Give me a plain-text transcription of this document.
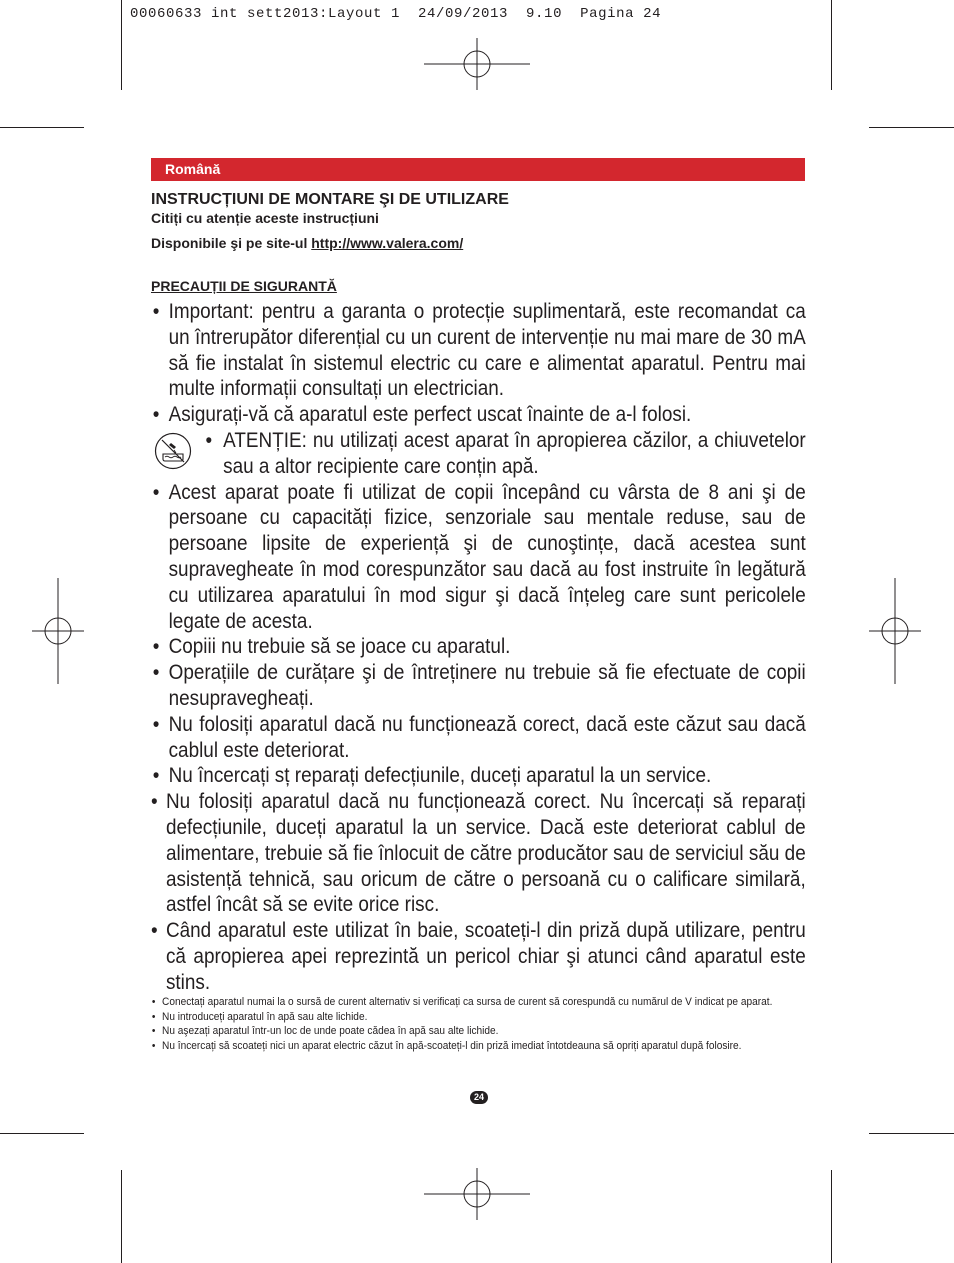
00060633 int sett2013:Layout 1  24/09/2013  9.10  Pagina 24
Română
INSTRUCȚIUNI DE MONTARE ŞI DE UTILIZARE
Citiți cu atenție aceste instrucțiuni
Disponibile şi pe site-ul http://www.valera.com/
PRECAUȚII DE SIGURANTĂ
• Important: pentru a garanta o protecție suplimentară, este recomandat ca un întrerupător diferențial cu un curent de intervenție nu mai mare de 30 mA să fie instalat în sistemul electric cu care e alimentat aparatul. Pentru mai multe informații consultați un electrician.
• Asigurați-vă că aparatul este perfect uscat înainte de a-l folosi.
• ATENȚIE: nu utilizați acest aparat în apropierea căzilor, a chiuvetelor sau a altor recipiente care conțin apă.
• Acest aparat poate fi utilizat de copii începând cu vârsta de 8 ani şi de persoane cu capacități fizice, senzoriale sau mentale reduse, sau de persoane lipsite de experiență şi de cunoştințe, dacă acestea sunt supravegheate în mod corespunzător sau dacă au fost instruite în legătură cu utilizarea aparatului în mod sigur şi dacă înțeleg care sunt pericolele legate de acesta.
• Copiii nu trebuie să se joace cu aparatul.
• Operațiile de curățare şi de întreținere nu trebuie să fie efectuate de copii nesupravegheați.
• Nu folosiți aparatul dacă nu funcționează corect, dacă este căzut sau dacă cablul este deteriorat.
• Nu încercați sț reparați defecțiunile, duceți aparatul la un service.
• Nu folosiți aparatul dacă nu funcționează corect. Nu încercați să reparați defecțiunile, duceți aparatul la un service. Dacă este deteriorat cablul de alimentare, trebuie să fie înlocuit de către producător sau de serviciul său de asistență tehnică, sau oricum de către o persoană cu o calificare similară, astfel încât să se evite orice risc.
• Când aparatul este utilizat în baie, scoateți-l din priză după utilizare, pentru că apropierea apei reprezintă un pericol chiar şi atunci când aparatul este stins.
• Conectați aparatul numai la o sursă de curent alternativ si verificați ca sursa de curent să corespundă cu numărul de V indicat pe aparat.
• Nu introduceți aparatul în apă sau alte lichide.
• Nu aşezați aparatul într-un loc de unde poate cădea în apă sau alte lichide.
• Nu încercați să scoateți nici un aparat electric căzut în apă-scoateți-l din priză imediat întotdeauna să opriți aparatul după folosire.
24
